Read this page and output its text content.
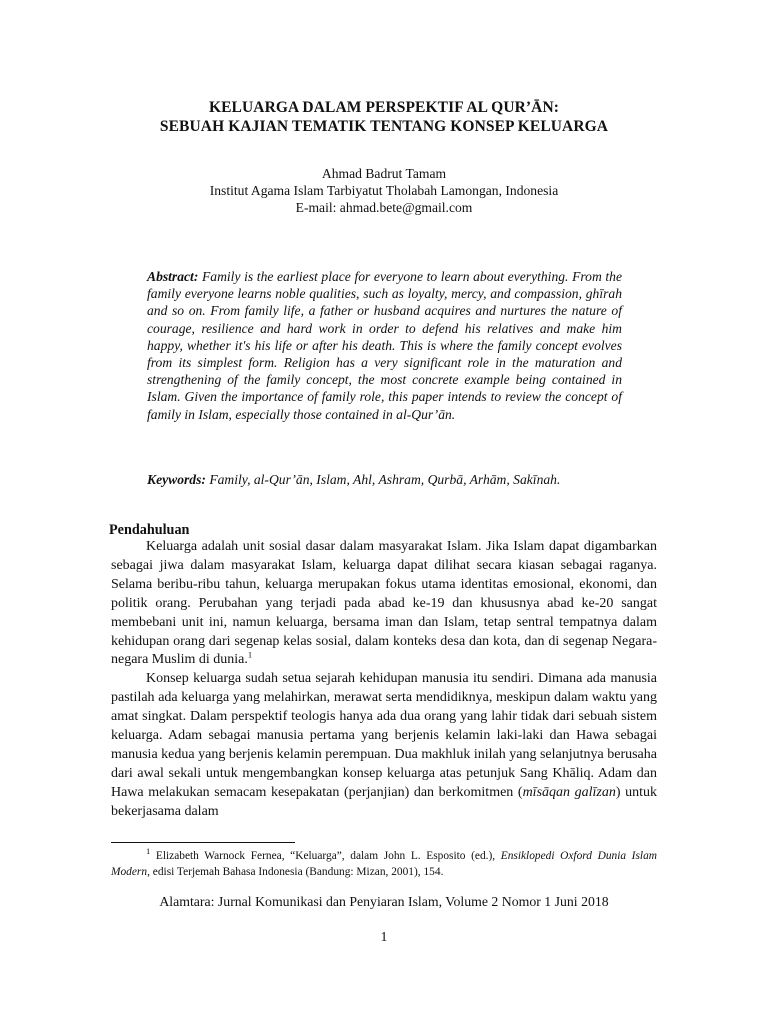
KELUARGA DALAM PERSPEKTIF AL QUR’ĀN:
SEBUAH KAJIAN TEMATIK TENTANG KONSEP KELUARGA
Ahmad Badrut Tamam
Institut Agama Islam Tarbiyatut Tholabah Lamongan, Indonesia
E-mail: ahmad.bete@gmail.com
Abstract: Family is the earliest place for everyone to learn about everything. From the family everyone learns noble qualities, such as loyalty, mercy, and compassion, ghīrah and so on. From family life, a father or husband acquires and nurtures the nature of courage, resilience and hard work in order to defend his relatives and make him happy, whether it's his life or after his death. This is where the family concept evolves from its simplest form. Religion has a very significant role in the maturation and strengthening of the family concept, the most concrete example being contained in Islam. Given the importance of family role, this paper intends to review the concept of family in Islam, especially those contained in al-Qur’ān.
Keywords: Family, al-Qur’ān, Islam, Ahl, Ashram, Qurbā, Arhām, Sakīnah.
Pendahuluan

Keluarga adalah unit sosial dasar dalam masyarakat Islam. Jika Islam dapat digambarkan sebagai jiwa dalam masyarakat Islam, keluarga dapat dilihat secara kiasan sebagai raganya. Selama beribu-ribu tahun, keluarga merupakan fokus utama identitas emosional, ekonomi, dan politik orang. Perubahan yang terjadi pada abad ke-19 dan khususnya abad ke-20 sangat membebani unit ini, namun keluarga, bersama iman dan Islam, tetap sentral tempatnya dalam kehidupan orang dari segenap kelas sosial, dalam konteks desa dan kota, dan di segenap Negara-negara Muslim di dunia.$^1$

Konsep keluarga sudah setua sejarah kehidupan manusia itu sendiri. Dimana ada manusia pastilah ada keluarga yang melahirkan, merawat serta mendidiknya, meskipun dalam waktu yang amat singkat. Dalam perspektif teologis hanya ada dua orang yang lahir tidak dari sebuah sistem keluarga. Adam sebagai manusia pertama yang berjenis kelamin laki-laki dan Hawa sebagai manusia kedua yang berjenis kelamin perempuan. Dua makhluk inilah yang selanjutnya berusaha dari awal sekali untuk mengembangkan konsep keluarga atas petunjuk Sang Khāliq. Adam dan Hawa melakukan semacam kesepakatan (perjanjian) dan berkomitmen (mīsāqan galīzan) untuk bekerjasama dalam

$^1$ Elizabeth Warnock Fernea, “Keluarga”, dalam John L. Esposito (ed.), Ensiklopedi Oxford Dunia Islam Modern, edisi Terjemah Bahasa Indonesia (Bandung: Mizan, 2001), 154.

Alamtara: Jurnal Komunikasi dan Penyiaran Islam, Volume 2 Nomor 1 Juni 2018
1
